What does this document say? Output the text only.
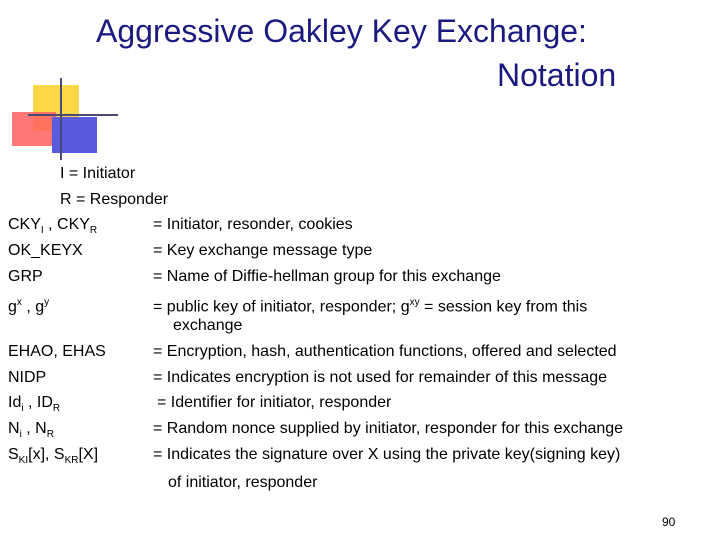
Aggressive Oakley Key Exchange:
Notation
I = Initiator
R = Responder
$CKY_I$ , $CKY_R$	= Initiator, resonder, cookies
OK_KEYX	= Key exchange message type
GRP	= Name of Diffie-hellman group for this exchange
$g^x$ , $g^y$	= public key of initiator, responder; $g^{xy}$ = session key from this
exchange
EHAO, EHAS	= Encryption, hash, authentication functions, offered and selected
NIDP	= Indicates encryption is not used for remainder of this message
$Id_i$ , $ID_R$	= Identifier for initiator, responder
$N_i$ , $N_R$	= Random nonce supplied by initiator, responder for this exchange
$S_{KI}[x]$, $S_{KR}[X]$	= Indicates the signature over X using the private key(signing key)
of initiator, responder
90
